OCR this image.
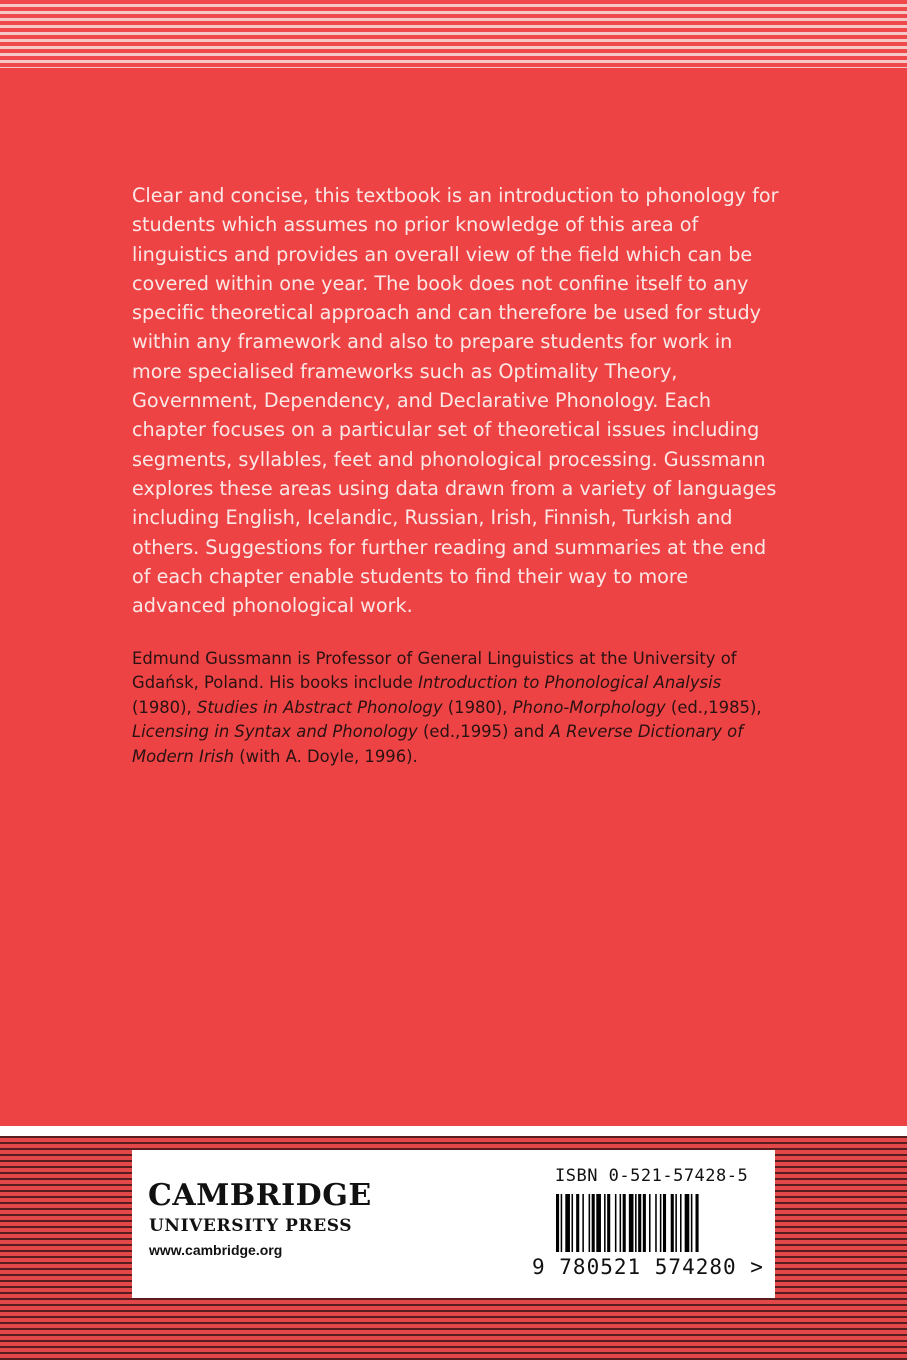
Clear and concise, this textbook is an introduction to phonology for students which assumes no prior knowledge of this area of linguistics and provides an overall view of the field which can be covered within one year. The book does not confine itself to any specific theoretical approach and can therefore be used for study within any framework and also to prepare students for work in more specialised frameworks such as Optimality Theory, Government, Dependency, and Declarative Phonology. Each chapter focuses on a particular set of theoretical issues including segments, syllables, feet and phonological processing. Gussmann explores these areas using data drawn from a variety of languages including English, Icelandic, Russian, Irish, Finnish, Turkish and others. Suggestions for further reading and summaries at the end of each chapter enable students to find their way to more advanced phonological work.

Edmund Gussmann is Professor of General Linguistics at the University of Gdańsk, Poland. His books include Introduction to Phonological Analysis (1980), Studies in Abstract Phonology (1980), Phono-Morphology (ed.,1985), Licensing in Syntax and Phonology (ed.,1995) and A Reverse Dictionary of Modern Irish (with A. Doyle, 1996).

CAMBRIDGE
UNIVERSITY PRESS
www.cambridge.org
ISBN 0-521-57428-5
9 780521 574280 >
